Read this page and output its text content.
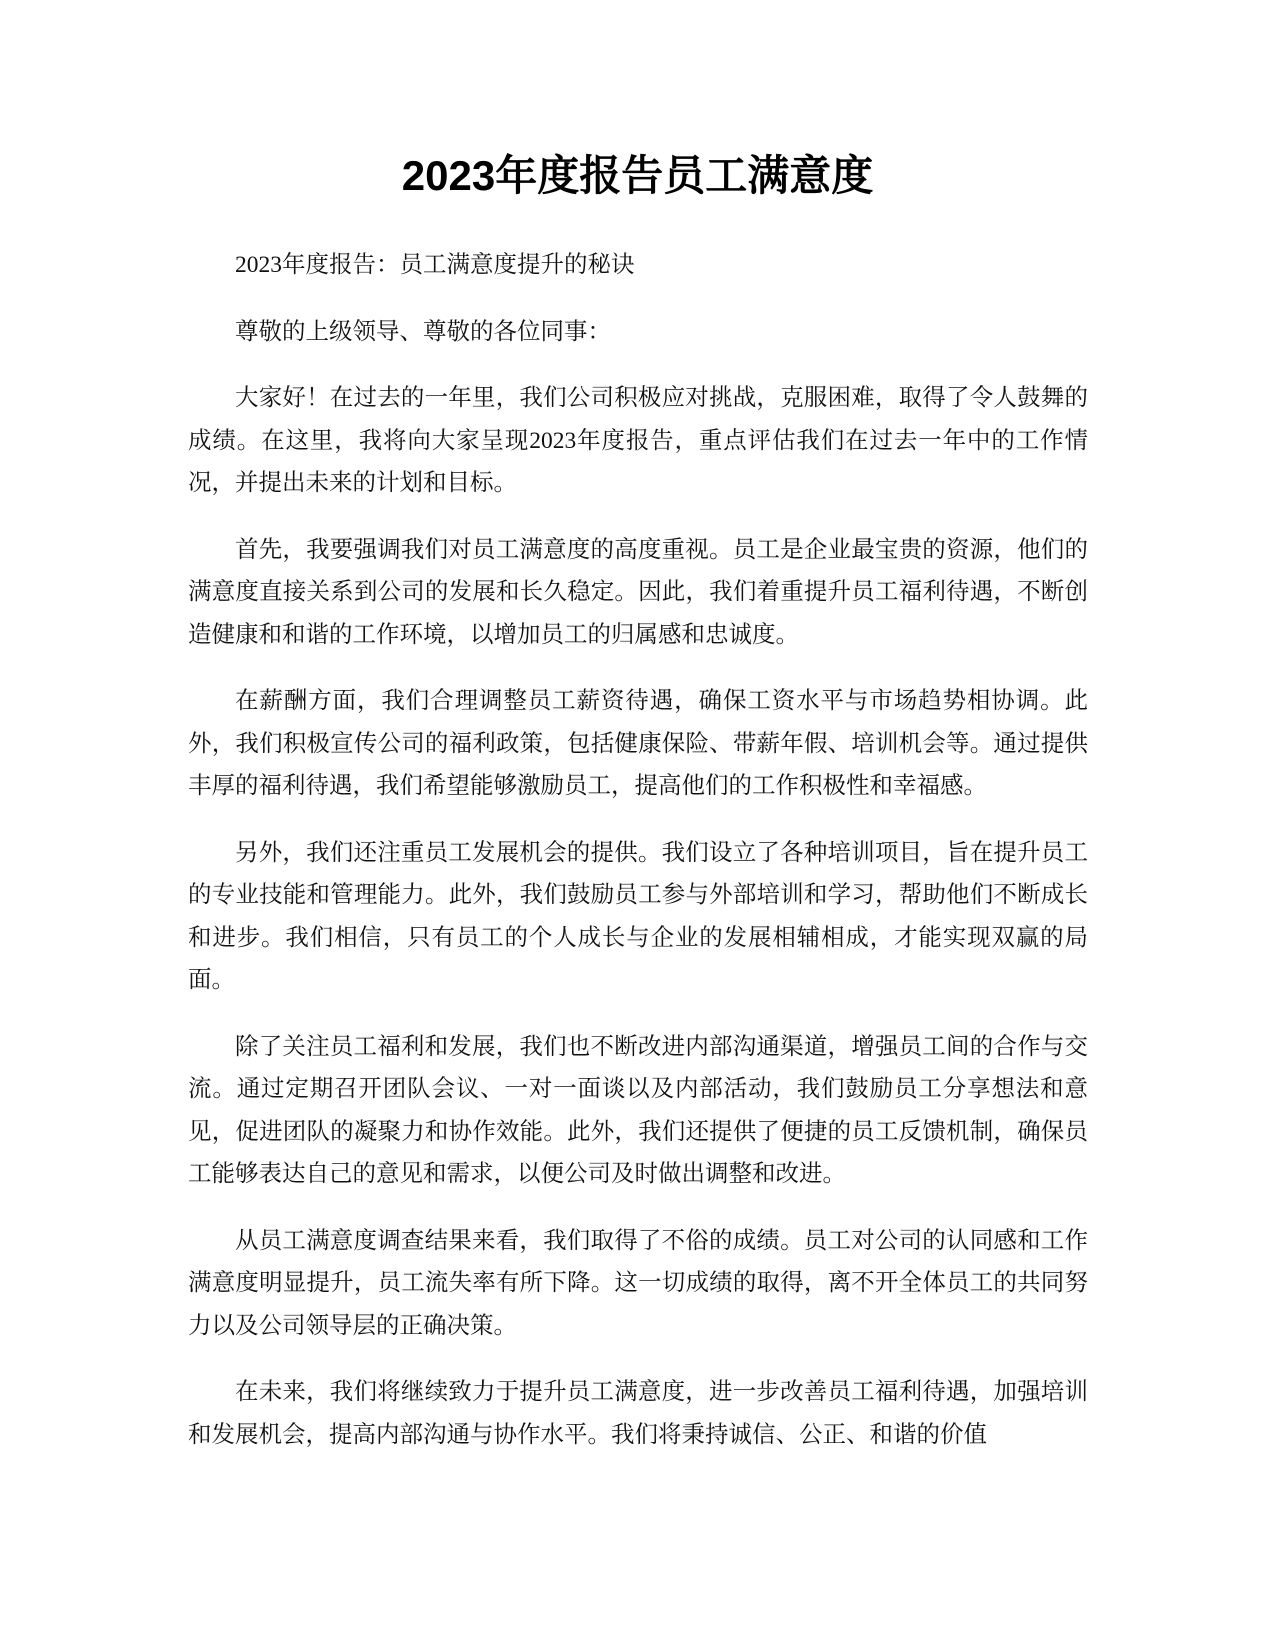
2023年度报告员工满意度

2023年度报告：员工满意度提升的秘诀

尊敬的上级领导、尊敬的各位同事：

大家好！在过去的一年里，我们公司积极应对挑战，克服困难，取得了令人鼓舞的成绩。在这里，我将向大家呈现2023年度报告，重点评估我们在过去一年中的工作情况，并提出未来的计划和目标。

首先，我要强调我们对员工满意度的高度重视。员工是企业最宝贵的资源，他们的满意度直接关系到公司的发展和长久稳定。因此，我们着重提升员工福利待遇，不断创造健康和和谐的工作环境，以增加员工的归属感和忠诚度。

在薪酬方面，我们合理调整员工薪资待遇，确保工资水平与市场趋势相协调。此外，我们积极宣传公司的福利政策，包括健康保险、带薪年假、培训机会等。通过提供丰厚的福利待遇，我们希望能够激励员工，提高他们的工作积极性和幸福感。

另外，我们还注重员工发展机会的提供。我们设立了各种培训项目，旨在提升员工的专业技能和管理能力。此外，我们鼓励员工参与外部培训和学习，帮助他们不断成长和进步。我们相信，只有员工的个人成长与企业的发展相辅相成，才能实现双赢的局面。

除了关注员工福利和发展，我们也不断改进内部沟通渠道，增强员工间的合作与交流。通过定期召开团队会议、一对一面谈以及内部活动，我们鼓励员工分享想法和意见，促进团队的凝聚力和协作效能。此外，我们还提供了便捷的员工反馈机制，确保员工能够表达自己的意见和需求，以便公司及时做出调整和改进。

从员工满意度调查结果来看，我们取得了不俗的成绩。员工对公司的认同感和工作满意度明显提升，员工流失率有所下降。这一切成绩的取得，离不开全体员工的共同努力以及公司领导层的正确决策。

在未来，我们将继续致力于提升员工满意度，进一步改善员工福利待遇，加强培训和发展机会，提高内部沟通与协作水平。我们将秉持诚信、公正、和谐的价值
